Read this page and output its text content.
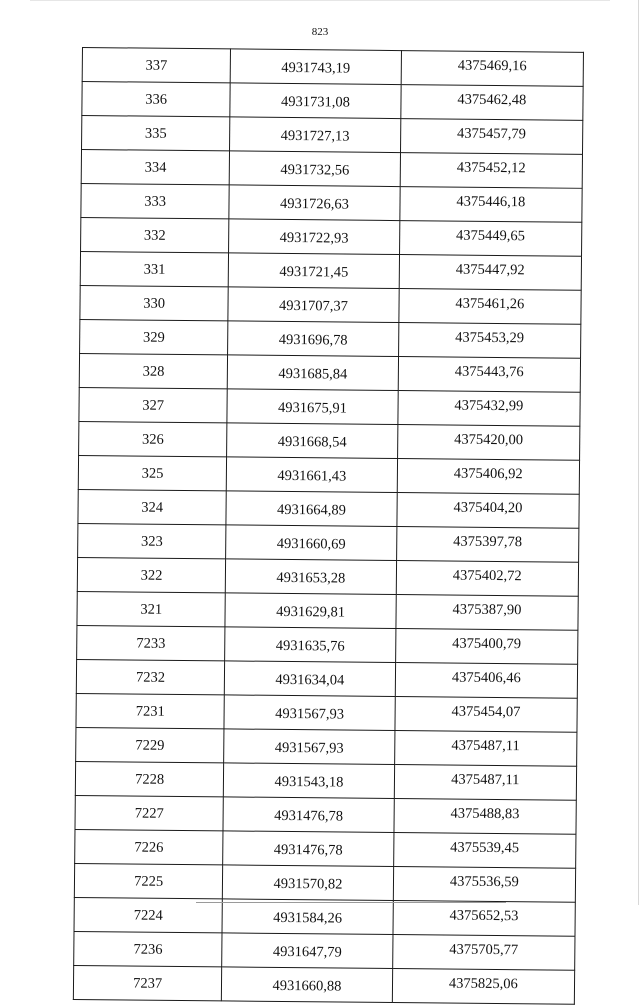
823
337	4931743,19	4375469,16
336	4931731,08	4375462,48
335	4931727,13	4375457,79
334	4931732,56	4375452,12
333	4931726,63	4375446,18
332	4931722,93	4375449,65
331	4931721,45	4375447,92
330	4931707,37	4375461,26
329	4931696,78	4375453,29
328	4931685,84	4375443,76
327	4931675,91	4375432,99
326	4931668,54	4375420,00
325	4931661,43	4375406,92
324	4931664,89	4375404,20
323	4931660,69	4375397,78
322	4931653,28	4375402,72
321	4931629,81	4375387,90
7233	4931635,76	4375400,79
7232	4931634,04	4375406,46
7231	4931567,93	4375454,07
7229	4931567,93	4375487,11
7228	4931543,18	4375487,11
7227	4931476,78	4375488,83
7226	4931476,78	4375539,45
7225	4931570,82	4375536,59
7224	4931584,26	4375652,53
7236	4931647,79	4375705,77
7237	4931660,88	4375825,06
